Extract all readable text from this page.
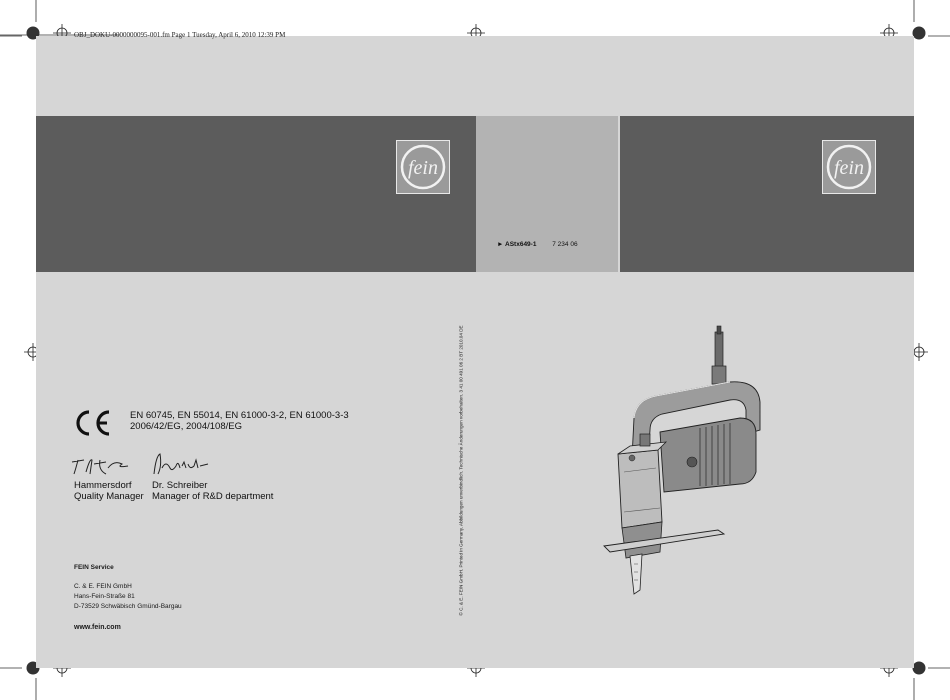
OBJ_DOKU-0000000095-001.fm Page 1 Tuesday, April 6, 2010 12:39 PM
fein	fein
► AStx649-1 7 234 06
EN 60745, EN 55014, EN 61000-3-2, EN 61000-3-3
2006/42/EG, 2004/108/EG
Hammersdorf
Quality Manager
Dr. Schreiber
Manager of R&D department
FEIN Service
C. & E. FEIN GmbH
Hans-Fein-Straße 81
D-73529 Schwäbisch Gmünd-Bargau
www.fein.com
© C. & E. FEIN GmbH. Printed in Germany. Abbildungen unverbindlich. Technische Änderungen vorbehalten. 3 41 00 491 06 2 BT 2010.04 DE
